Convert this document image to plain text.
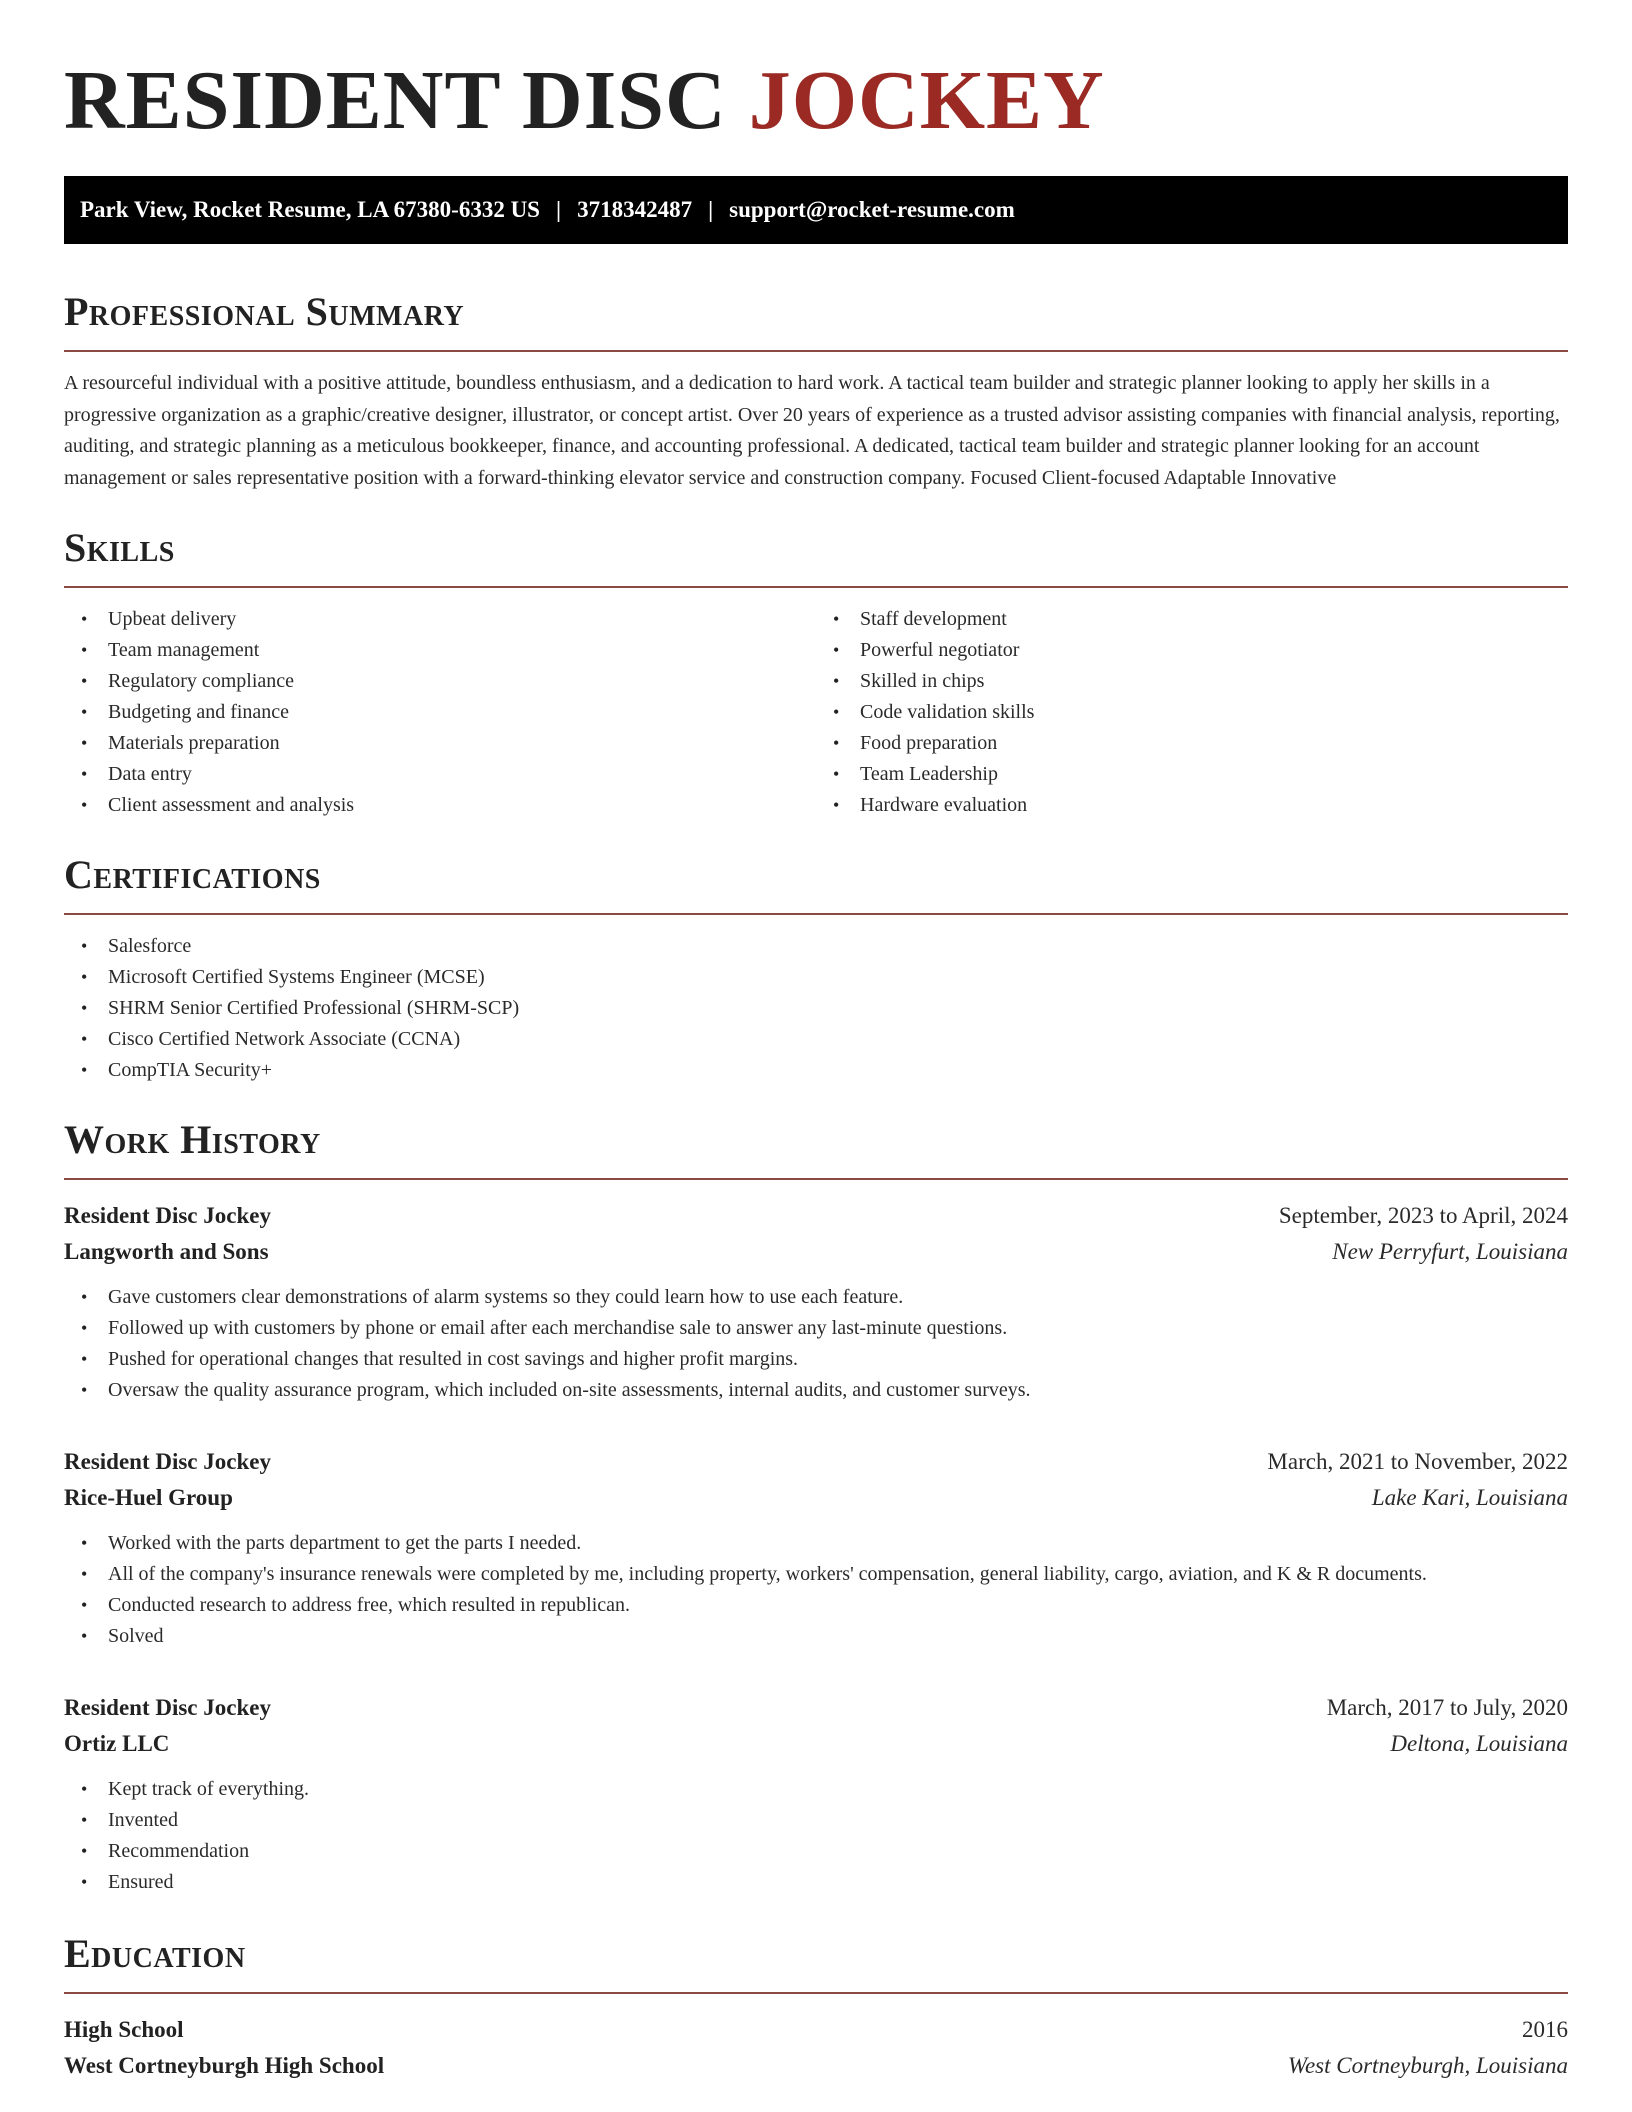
RESIDENT DISC JOCKEY
Park View, Rocket Resume, LA 67380-6332 US | 3718342487 | support@rocket-resume.com
Professional Summary

A resourceful individual with a positive attitude, boundless enthusiasm, and a dedication to hard work. A tactical team builder and strategic planner looking to apply her skills in a progressive organization as a graphic/creative designer, illustrator, or concept artist. Over 20 years of experience as a trusted advisor assisting companies with financial analysis, reporting, auditing, and strategic planning as a meticulous bookkeeper, finance, and accounting professional. A dedicated, tactical team builder and strategic planner looking for an account management or sales representative position with a forward-thinking elevator service and construction company. Focused Client-focused Adaptable Innovative

Skills
• Upbeat delivery
• Team management
• Regulatory compliance
• Budgeting and finance
• Materials preparation
• Data entry
• Client assessment and analysis
• Staff development
• Powerful negotiator
• Skilled in chips
• Code validation skills
• Food preparation
• Team Leadership
• Hardware evaluation
Certifications
• Salesforce
• Microsoft Certified Systems Engineer (MCSE)
• SHRM Senior Certified Professional (SHRM-SCP)
• Cisco Certified Network Associate (CCNA)
• CompTIA Security+
Work History
Resident Disc Jockey	September, 2023 to April, 2024
Langworth and Sons	New Perryfurt, Louisiana
• Gave customers clear demonstrations of alarm systems so they could learn how to use each feature.
• Followed up with customers by phone or email after each merchandise sale to answer any last-minute questions.
• Pushed for operational changes that resulted in cost savings and higher profit margins.
• Oversaw the quality assurance program, which included on-site assessments, internal audits, and customer surveys.
Resident Disc Jockey	March, 2021 to November, 2022
Rice-Huel Group	Lake Kari, Louisiana
• Worked with the parts department to get the parts I needed.
• All of the company's insurance renewals were completed by me, including property, workers' compensation, general liability, cargo, aviation, and K & R documents.
• Conducted research to address free, which resulted in republican.
• Solved
Resident Disc Jockey	March, 2017 to July, 2020
Ortiz LLC	Deltona, Louisiana
• Kept track of everything.
• Invented
• Recommendation
• Ensured
Education
High School	2016
West Cortneyburgh High School	West Cortneyburgh, Louisiana
